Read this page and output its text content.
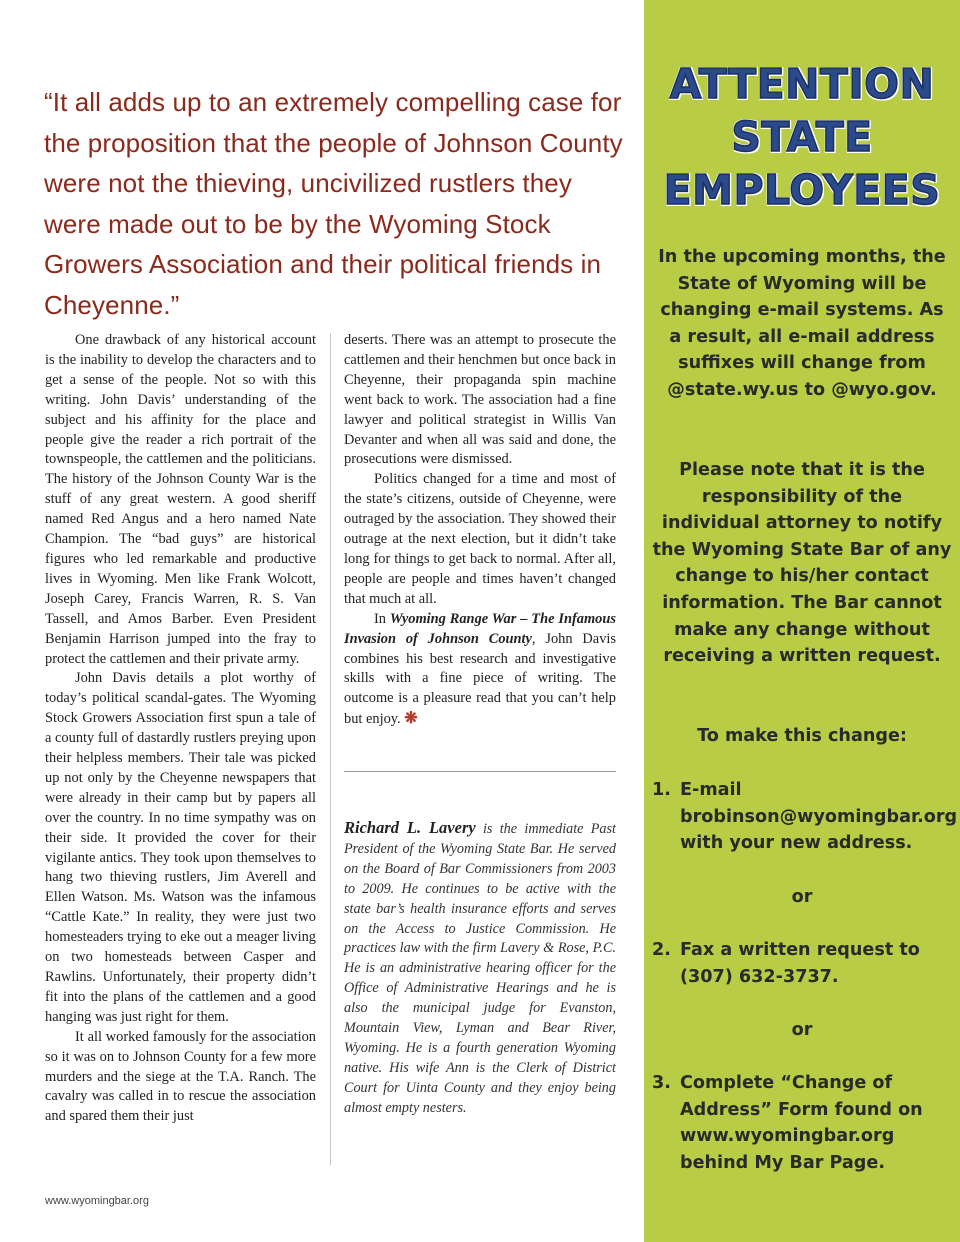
“It all adds up to an extremely compelling case for the proposition that the people of Johnson County were not the thieving, uncivilized rustlers they were made out to be by the Wyoming Stock Growers Association and their political friends in Cheyenne.”

One drawback of any historical account is the inability to develop the characters and to get a sense of the people. Not so with this writing. John Davis’ understanding of the subject and his affinity for the place and people give the reader a rich portrait of the townspeople, the cattlemen and the politicians. The history of the Johnson County War is the stuff of any great western. A good sheriff named Red Angus and a hero named Nate Champion. The “bad guys” are historical figures who led remarkable and productive lives in Wyoming. Men like Frank Wolcott, Joseph Carey, Francis Warren, R. S. Van Tassell, and Amos Barber. Even President Benjamin Harrison jumped into the fray to protect the cattlemen and their private army.

John Davis details a plot worthy of today’s political scandal-gates. The Wyoming Stock Growers Association first spun a tale of a county full of dastardly rustlers preying upon their helpless members. Their tale was picked up not only by the Cheyenne newspapers that were already in their camp but by papers all over the country. In no time sympathy was on their side. It provided the cover for their vigilante antics. They took upon themselves to hang two thieving rustlers, Jim Averell and Ellen Watson. Ms. Watson was the infamous “Cattle Kate.” In reality, they were just two homesteaders trying to eke out a meager living on two homesteads between Casper and Rawlins. Unfortunately, their property didn’t fit into the plans of the cattlemen and a good hanging was just right for them.

It all worked famously for the association so it was on to Johnson County for a few more murders and the siege at the T.A. Ranch. The cavalry was called in to rescue the association and spared them their just

deserts. There was an attempt to prosecute the cattlemen and their henchmen but once back in Cheyenne, their propaganda spin machine went back to work. The association had a fine lawyer and political strategist in Willis Van Devanter and when all was said and done, the prosecutions were dismissed.

Politics changed for a time and most of the state’s citizens, outside of Cheyenne, were outraged by the association. They showed their outrage at the next election, but it didn’t take long for things to get back to normal. After all, people are people and times haven’t changed that much at all.

In Wyoming Range War – The Infamous Invasion of Johnson County, John Davis combines his best research and investigative skills with a fine piece of writing. The outcome is a pleasure read that you can’t help but enjoy. ❋

Richard L. Lavery is the immediate Past President of the Wyoming State Bar. He served on the Board of Bar Commissioners from 2003 to 2009. He continues to be active with the state bar’s health insurance efforts and serves on the Access to Justice Commission. He practices law with the firm Lavery & Rose, P.C. He is an administrative hearing officer for the Office of Administrative Hearings and he is also the municipal judge for Evanston, Mountain View, Lyman and Bear River, Wyoming. He is a fourth generation Wyoming native. His wife Ann is the Clerk of District Court for Uinta County and they enjoy being almost empty nesters.

www.wyomingbar.org
ATTENTION
STATE
EMPLOYEES

In the upcoming months, the State of Wyoming will be changing e-mail systems. As a result, all e-mail address suffixes will change from @state.wy.us to @wyo.gov.

Please note that it is the responsibility of the individual attorney to notify the Wyoming State Bar of any change to his/her contact information. The Bar cannot make any change without receiving a written request.

To make this change:

1. E-mail brobinson@wyomingbar.org with your new address.

or

2. Fax a written request to (307) 632-3737.

or

3. Complete “Change of Address” Form found on www.wyomingbar.org behind My Bar Page.
